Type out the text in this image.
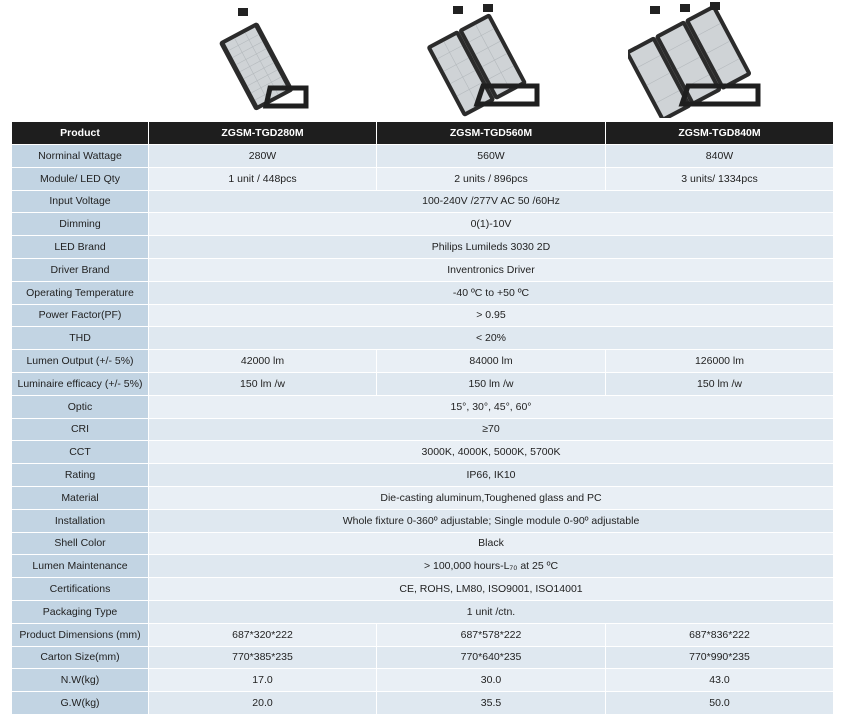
Product	ZGSM-TGD280M	ZGSM-TGD560M	ZGSM-TGD840M
Norminal Wattage	280W	560W	840W
Module/ LED Qty	1 unit / 448pcs	2 units / 896pcs	3 units/ 1334pcs
Input Voltage	100-240V /277V AC 50 /60Hz		
Dimming	0(1)-10V		
LED Brand	Philips Lumileds 3030 2D		
Driver Brand	Inventronics Driver		
Operating Temperature	-40 ºC to +50 ºC		
Power Factor(PF)	> 0.95		
THD	< 20%		
Lumen Output (+/- 5%)	42000 lm	84000 lm	126000 lm
Luminaire efficacy (+/- 5%)	150 lm /w	150 lm /w	150 lm /w
Optic	15°, 30°, 45°, 60°		
CRI	≥70		
CCT	3000K, 4000K, 5000K, 5700K		
Rating	IP66, IK10		
Material	Die-casting aluminum,Toughened glass and PC		
Installation	Whole fixture 0-360º adjustable; Single module 0-90º adjustable		
Shell Color	Black		
Lumen Maintenance	> 100,000 hours-L₇₀ at 25 ºC		
Certifications	CE, ROHS, LM80, ISO9001, ISO14001		
Packaging Type	1 unit /ctn.		
Product Dimensions (mm)	687*320*222	687*578*222	687*836*222
Carton Size(mm)	770*385*235	770*640*235	770*990*235
N.W(kg)	17.0	30.0	43.0
G.W(kg)	20.0	35.5	50.0
